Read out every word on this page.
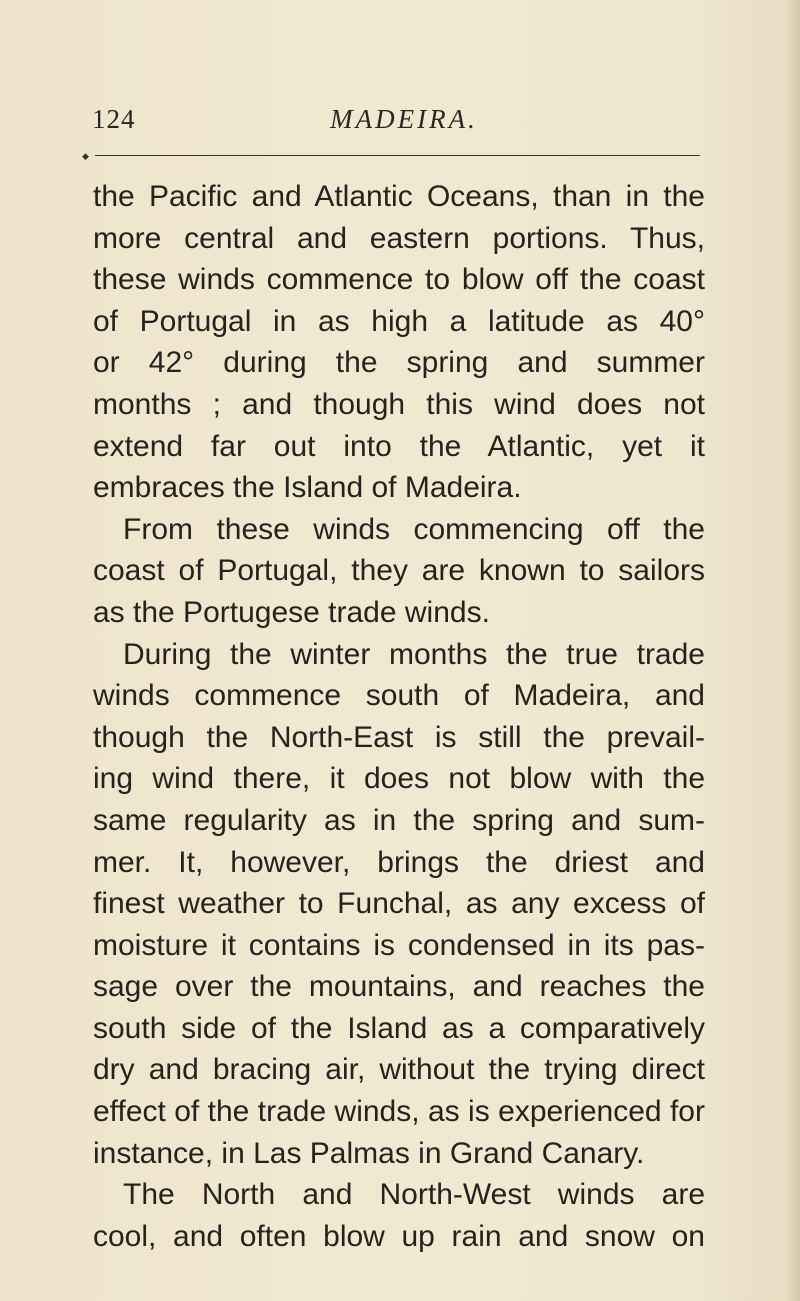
124	MADEIRA.
◆
the Pacific and Atlantic Oceans, than in the
more central and eastern portions. Thus,
these winds commence to blow off the coast
of Portugal in as high a latitude as 40°
or 42° during the spring and summer
months ; and though this wind does not
extend far out into the Atlantic, yet it
embraces the Island of Madeira.
From these winds commencing off the
coast of Portugal, they are known to sailors
as the Portugese trade winds.
During the winter months the true trade
winds commence south of Madeira, and
though the North-East is still the prevail-
ing wind there, it does not blow with the
same regularity as in the spring and sum-
mer. It, however, brings the driest and
finest weather to Funchal, as any excess of
moisture it contains is condensed in its pas-
sage over the mountains, and reaches the
south side of the Island as a comparatively
dry and bracing air, without the trying direct
effect of the trade winds, as is experienced for
instance, in Las Palmas in Grand Canary.
The North and North-West winds are
cool, and often blow up rain and snow on
